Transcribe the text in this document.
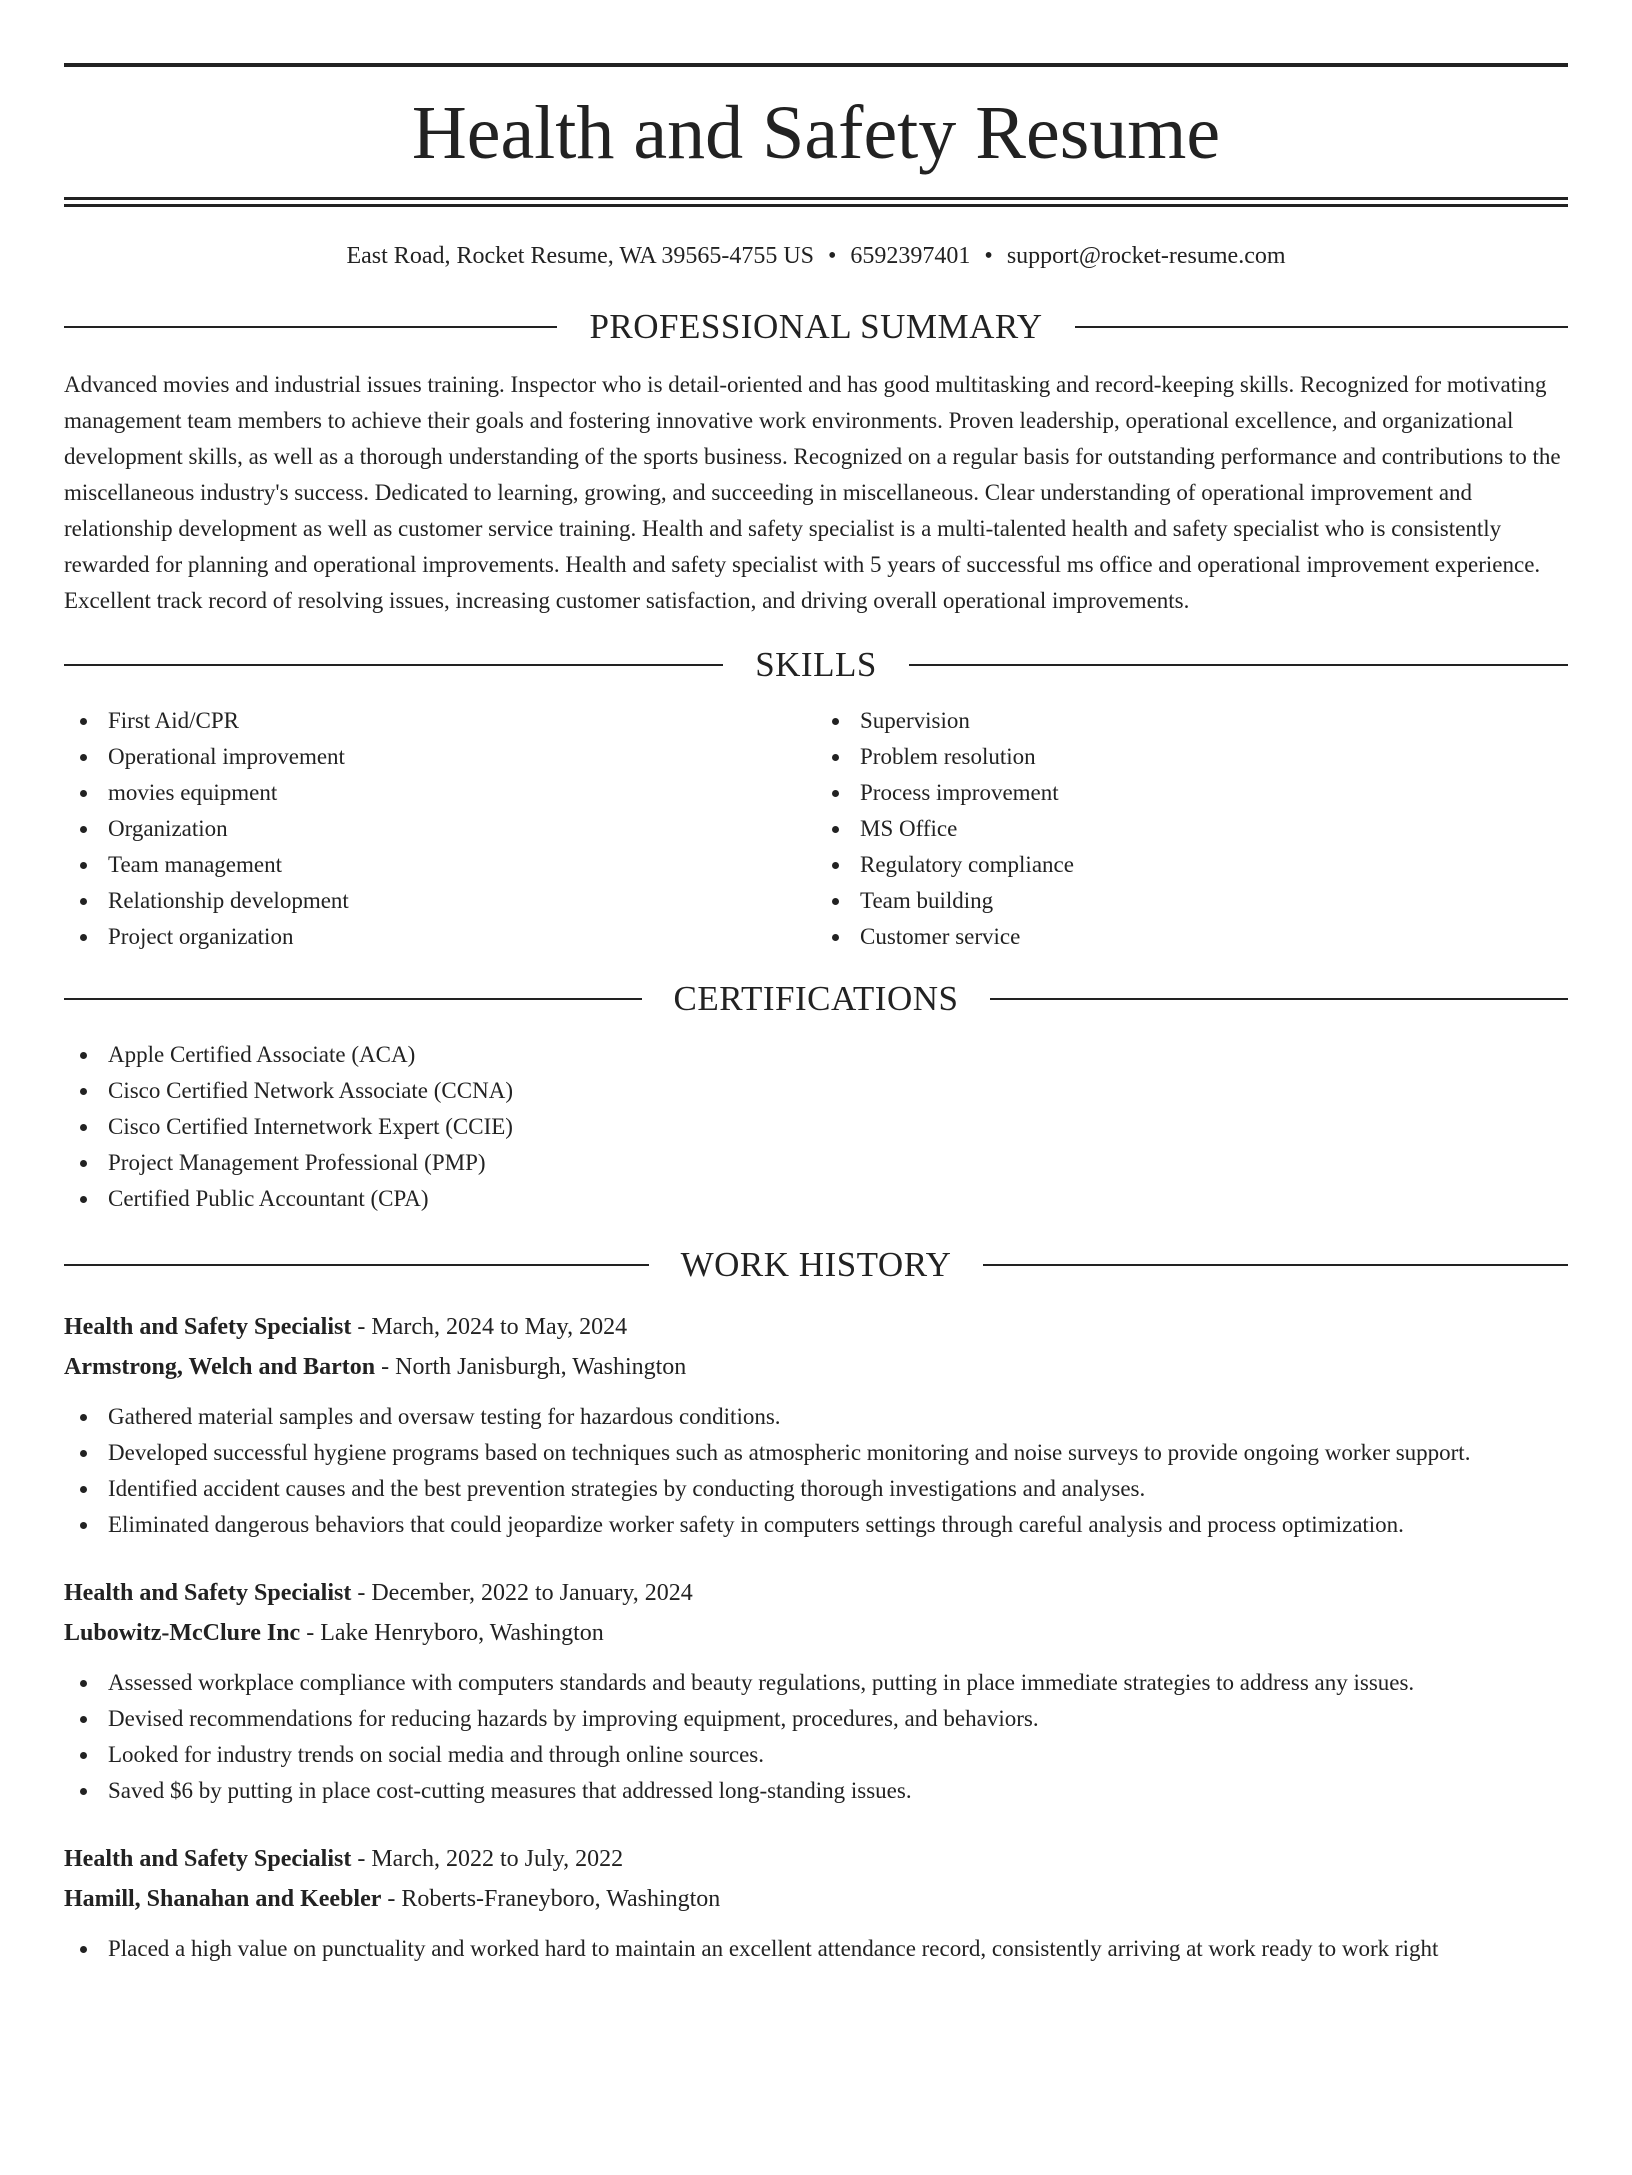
Health and Safety Resume
East Road, Rocket Resume, WA 39565-4755 US • 6592397401 • support@rocket-resume.com
PROFESSIONAL SUMMARY

Advanced movies and industrial issues training. Inspector who is detail-oriented and has good multitasking and record-keeping skills. Recognized for motivating management team members to achieve their goals and fostering innovative work environments. Proven leadership, operational excellence, and organizational development skills, as well as a thorough understanding of the sports business. Recognized on a regular basis for outstanding performance and contributions to the miscellaneous industry's success. Dedicated to learning, growing, and succeeding in miscellaneous. Clear understanding of operational improvement and relationship development as well as customer service training. Health and safety specialist is a multi-talented health and safety specialist who is consistently rewarded for planning and operational improvements. Health and safety specialist with 5 years of successful ms office and operational improvement experience. Excellent track record of resolving issues, increasing customer satisfaction, and driving overall operational improvements.

SKILLS
First Aid/CPR
Operational improvement
movies equipment
Organization
Team management
Relationship development
Project organization
Supervision
Problem resolution
Process improvement
MS Office
Regulatory compliance
Team building
Customer service
CERTIFICATIONS
Apple Certified Associate (ACA)
Cisco Certified Network Associate (CCNA)
Cisco Certified Internetwork Expert (CCIE)
Project Management Professional (PMP)
Certified Public Accountant (CPA)
WORK HISTORY
Health and Safety Specialist - March, 2024 to May, 2024
Armstrong, Welch and Barton - North Janisburgh, Washington
Gathered material samples and oversaw testing for hazardous conditions.
Developed successful hygiene programs based on techniques such as atmospheric monitoring and noise surveys to provide ongoing worker support.
Identified accident causes and the best prevention strategies by conducting thorough investigations and analyses.
Eliminated dangerous behaviors that could jeopardize worker safety in computers settings through careful analysis and process optimization.
Health and Safety Specialist - December, 2022 to January, 2024
Lubowitz-McClure Inc - Lake Henryboro, Washington
Assessed workplace compliance with computers standards and beauty regulations, putting in place immediate strategies to address any issues.
Devised recommendations for reducing hazards by improving equipment, procedures, and behaviors.
Looked for industry trends on social media and through online sources.
Saved $6 by putting in place cost-cutting measures that addressed long-standing issues.
Health and Safety Specialist - March, 2022 to July, 2022
Hamill, Shanahan and Keebler - Roberts-Franeyboro, Washington
Placed a high value on punctuality and worked hard to maintain an excellent attendance record, consistently arriving at work ready to work right
